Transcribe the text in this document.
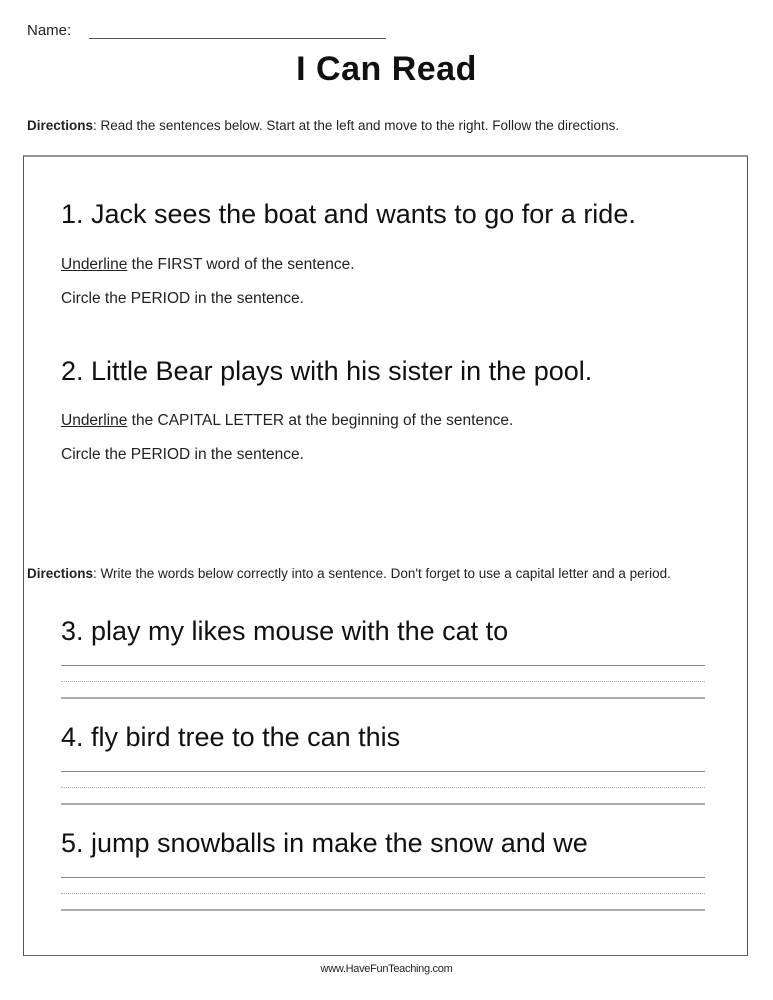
Name:
I Can Read
Directions: Read the sentences below. Start at the left and move to the right. Follow the directions.
1. Jack sees the boat and wants to go for a ride.
Underline the FIRST word of the sentence.
Circle the PERIOD in the sentence.
2. Little Bear plays with his sister in the pool.
Underline the CAPITAL LETTER at the beginning of the sentence.
Circle the PERIOD in the sentence.
Directions: Write the words below correctly into a sentence. Don't forget to use a capital letter and a period.
3. play my likes mouse with the cat to
4. fly bird tree to the can this
5. jump snowballs in make the snow and we
www.HaveFunTeaching.com
